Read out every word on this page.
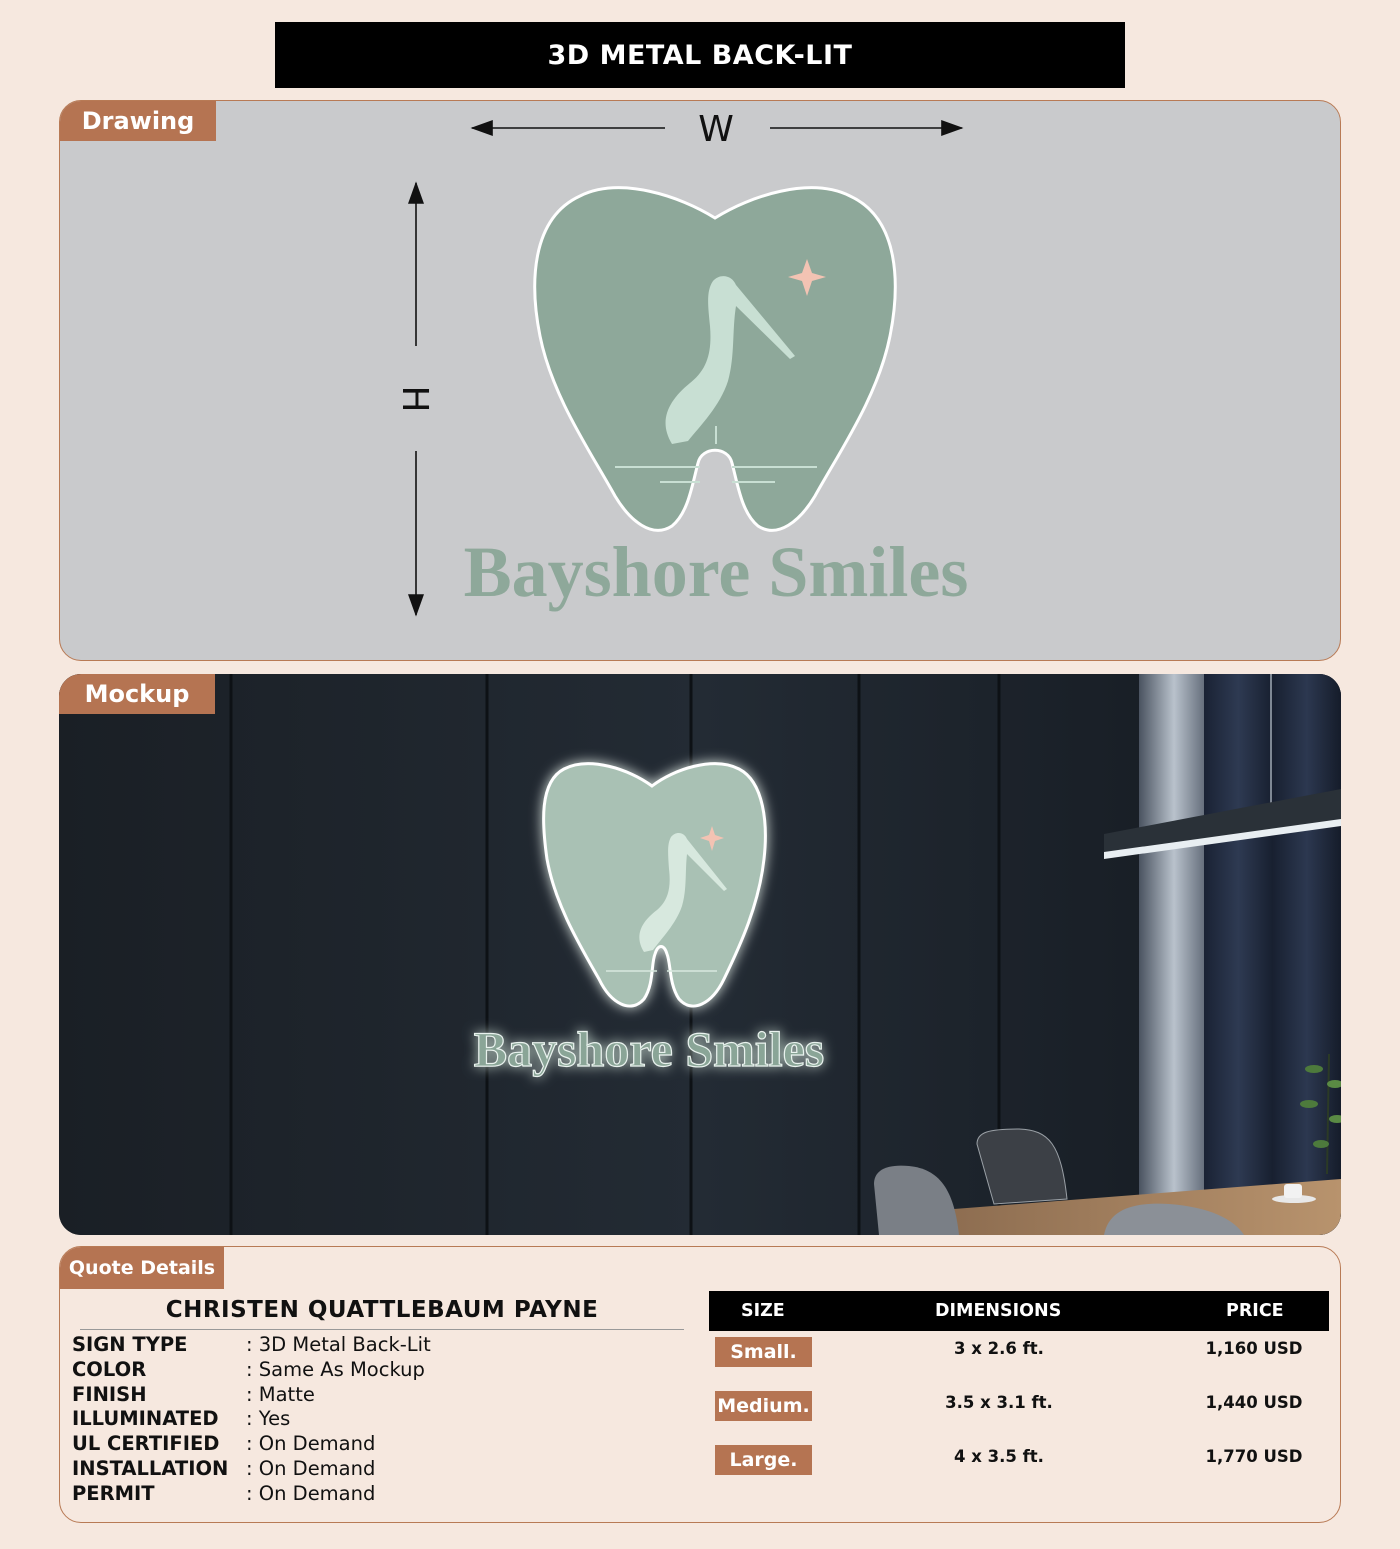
3D METAL BACK-LIT
Drawing	W
H
Bayshore Smiles
Mockup
Bayshore Smiles
Quote Details
CHRISTEN QUATTLEBAUM PAYNE
SIGN TYPE	: 3D Metal Back-Lit
COLOR	: Same As Mockup
FINISH	: Matte
ILLUMINATED : Yes
UL CERTIFIED : On Demand
INSTALLATION : On Demand
PERMIT	: On Demand
SIZE	DIMENSIONS	PRICE
Small.	3 x 2.6 ft.	1,160 USD
Medium.	3.5 x 3.1 ft.	1,440 USD
Large.	4 x 3.5 ft.	1,770 USD
